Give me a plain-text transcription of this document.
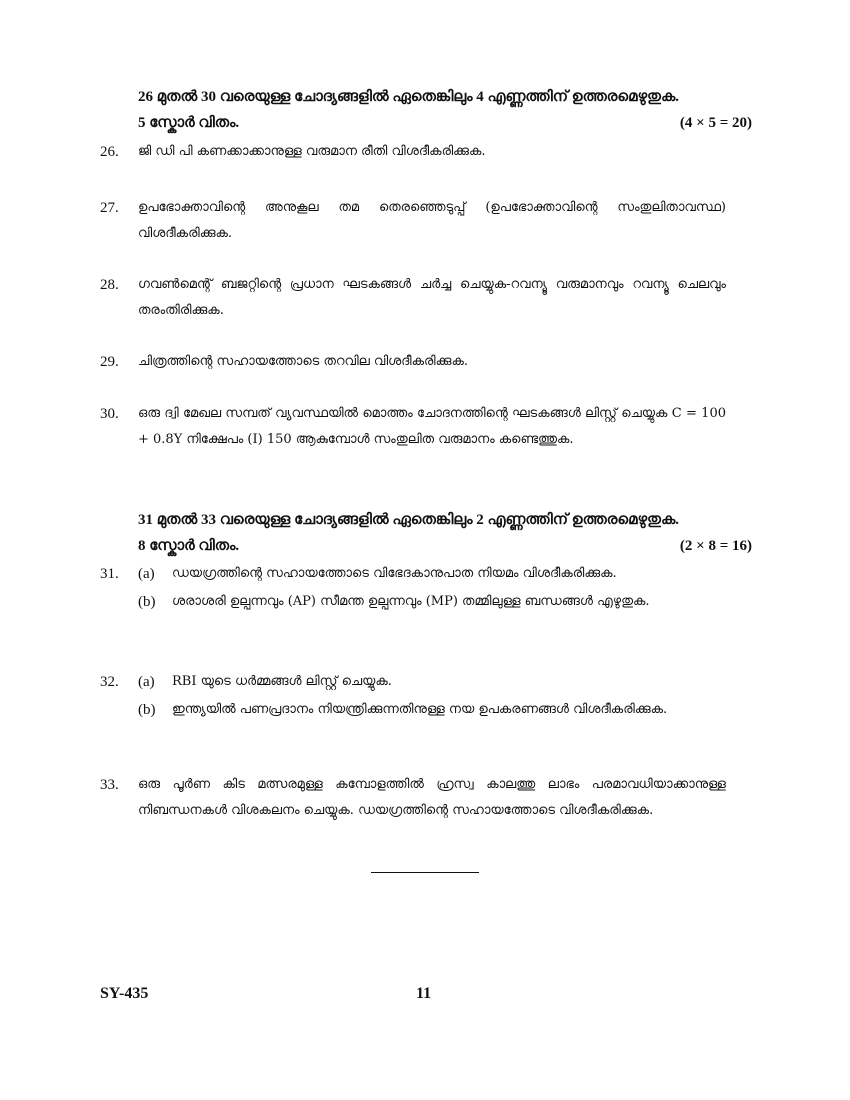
26 മുതൽ 30 വരെയുള്ള ചോദ്യങ്ങളിൽ ഏതെങ്കിലും 4 എണ്ണത്തിന് ഉത്തരമെഴുതുക.
5 സ്കോർ വിതം.	(4 × 5 = 20)
26.	ജി ഡി പി കണക്കാക്കാനുള്ള വരുമാന രീതി വിശദീകരിക്കുക.
27.	ഉപഭോക്താവിന്റെ അനുകൂല തമ തെരഞ്ഞെടുപ്പ് (ഉപഭോക്താവിന്റെ സംതുലിതാവസ്ഥ) വിശദീകരിക്കുക.
28.	ഗവൺമെന്റ് ബജറ്റിന്റെ പ്രധാന ഘടകങ്ങൾ ചർച്ച ചെയ്യുക-റവന്യൂ വരുമാനവും റവന്യൂ ചെലവും തരംതിരിക്കുക.
29.	ചിത്രത്തിന്റെ സഹായത്തോടെ തറവില വിശദീകരിക്കുക.
30.	ഒരു ദ്വി മേഖല സമ്പത് വ്യവസ്ഥയിൽ മൊത്തം ചോദനത്തിന്റെ ഘടകങ്ങൾ ലിസ്റ്റ് ചെയ്യുക C = 100 + 0.8Y നിക്ഷേപം (I) 150 ആകുമ്പോൾ സംതുലിത വരുമാനം കണ്ടെത്തുക.
31 മുതൽ 33 വരെയുള്ള ചോദ്യങ്ങളിൽ ഏതെങ്കിലും 2 എണ്ണത്തിന് ഉത്തരമെഴുതുക.
8 സ്കോർ വിതം.	(2 × 8 = 16)
31.	(a) ഡയഗ്രത്തിന്റെ സഹായത്തോടെ വിഭേദകാനുപാത നിയമം വിശദീകരിക്കുക.
(b) ശരാശരി ഉല്പന്നവും (AP) സീമന്ത ഉല്പന്നവും (MP) തമ്മിലുള്ള ബന്ധങ്ങൾ എഴുതുക.
32.	(a) RBI യുടെ ധർമ്മങ്ങൾ ലിസ്റ്റ് ചെയ്യുക.
(b) ഇന്ത്യയിൽ പണപ്രദാനം നിയന്ത്രിക്കുന്നതിനുള്ള നയ ഉപകരണങ്ങൾ വിശദീകരിക്കുക.
33.	ഒരു പൂർണ കിട മത്സരമുള്ള കമ്പോളത്തിൽ ഹ്രസ്വ കാലത്തു ലാഭം പരമാവധിയാക്കാനുള്ള നിബന്ധനകൾ വിശകലനം ചെയ്യുക. ഡയഗ്രത്തിന്റെ സഹായത്തോടെ വിശദീകരിക്കുക.
SY-435	11
